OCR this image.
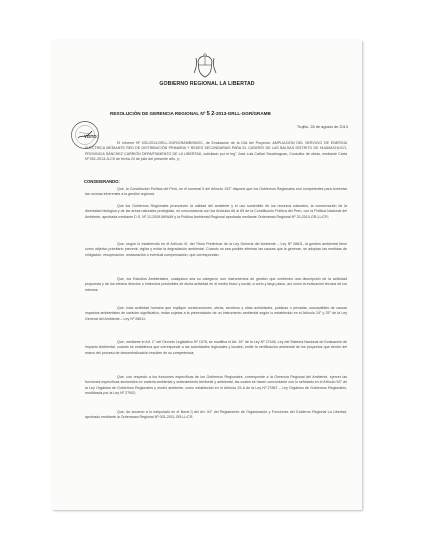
GOBIERNO REGIONAL LA LIBERTAD
RESOLUCIÓN DE GERENCIA REGIONAL Nº 5 2-2013-GRLL-GGR/GRAMB
Trujillo, 28 de agosto de 2013
VISTO:
El Informe Nº 030-2013-GRLL-GGR/GRAMB/SMOC, de Evaluación de la DIA del Proyecto: AMPLIACIÓN DEL SERVICIO DE ENERGÍA ELÉCTRICA MEDIANTE RED DE DISTRIBUCIÓN PRIMARIA Y REDES SECUNDARIAS PARA EL CASERÍO DE LAS BALSAS DISTRITO DE HUAMACHUCO, PROVINCIA SÁNCHEZ CARRIÓN DEPARTAMENTO DE LA LIBERTAD, solicitado por el Ing° José Luis Cañari Saucihaguas, Consultor de obras, mediante Carta Nº 001-2013-JLCS de fecha 24 de julio del presente año, y;
CONSIDERANDO:
Que, la Constitución Política del Perú, en el numeral 9 del Artículo 192° dispone que los Gobiernos Regionales son competentes para fomentar las normas inherentes a la gestión regional;
Que los Gobiernos Regionales promueven la calidad del ambiente y el uso sostenible de los recursos naturales, la conservación de la diversidad biológica y de las áreas naturales protegidas, en concordancia con los Artículos 66 al 69 de la Constitución Política del Perú, con la Política Nacional del Ambiente, aprobada mediante D.S. Nº 12-2009-MINAM y la Política Ambiental Regional aprobada mediante Ordenanza Regional Nº 20-2010-GR-LL/CR;
Que, según lo establecido en el Artículo VI, del Título Preliminar de la Ley General del Ambiente – Ley Nº 28611, la gestión ambiental tiene como objetivo prioritario prevenir, vigilar y evitar la degradación ambiental. Cuando no sea posible eliminar las causas que la generan, se adoptan las medidas de mitigación, recuperación, restauración o eventual compensación, que correspondan;
Que, los Estudios Ambientales, cualquiera sea su categoría, son instrumentos de gestión que contienen una descripción de la actividad propuesta y de los efectos directos o indirectos previsibles de dicha actividad en el medio físico y social, a corto y largo plazo, así como la evaluación técnica de los mismos;
Que, toda actividad humana que implique construcciones, obras, servicios y otras actividades, públicas o privadas, susceptibles de causar impactos ambientales de carácter significativo, están sujetas a la presentación de un instrumento ambiental según lo establecido en el Artículo 24° y 25° de la Ley General del Ambiente – Ley Nº 28611;
Que, mediante el Art. 1° del Decreto Legislativo Nº 1078, se modifica el Art. 16° de la Ley Nº 27446, Ley del Sistema Nacional de Evaluación de Impacto Ambiental, cuando se establezca que corresponde a las autoridades regionales y locales, emitir la certificación ambiental de los proyectos que dentro del marco del proceso de descentralización resulten de su competencia;
Que, con respecto a los funciones específicas de los Gobiernos Regionales, corresponde a la Gerencia Regional del Ambiente, ejercer las funciones específicas sectoriales en materia ambiental y ordenamiento territorial y ambiental, las cuales se hacen concordante con lo señalado en el Artículo 53° de la Ley Orgánica de Gobiernos Regionales y medio ambiente, como establecido en el Artículo 29-A de la Ley Nº 27867 – Ley Orgánica de Gobiernos Regionales, modificada por la Ley Nº 27902;
Que, de acuerdo a lo estipulado en el literal l) del Art. 94° del Reglamento de Organización y Funciones del Gobierno Regional La Libertad, aprobado mediante la Ordenanza Regional Nº 001-2011-GR-LL/CR,
